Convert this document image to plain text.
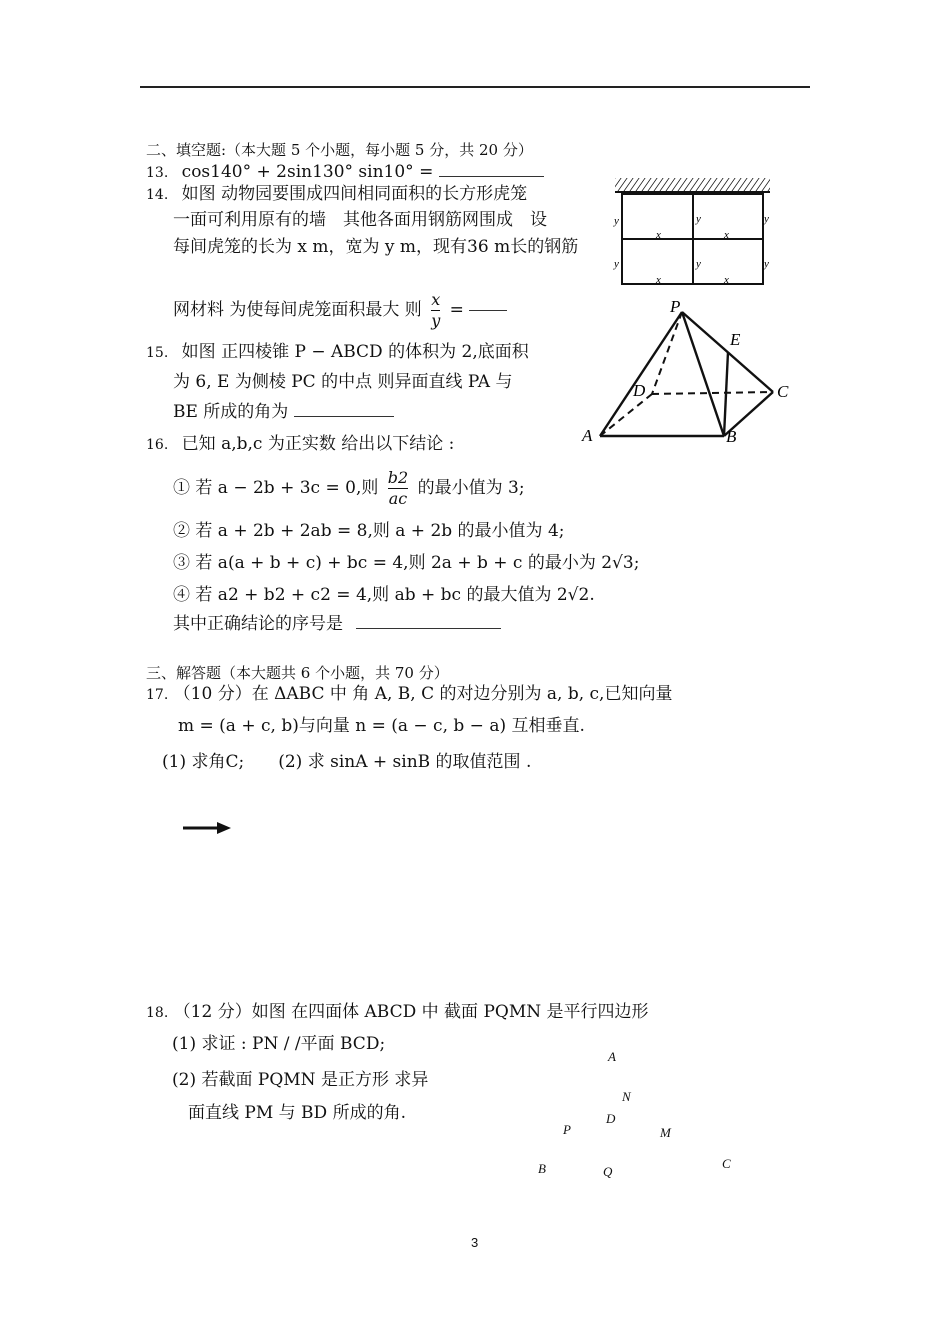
二、填空题:（本大题 5 个小题，每小题 5 分，共 20 分）
13. cos140° + 2sin130° sin10° =
14. 如图 动物园要围成四间相同面积的长方形虎笼
一面可利用原有的墙　其他各面用钢筋网围成　设
每间虎笼的长为 x m，宽为 y m，现有36 m长的钢筋
网材料 为使每间虎笼面积最大 则 $\frac{x}{y}$ =
y	y	y
x	x
y	y	y
x	x
15. 如图 正四棱锥 P − ABCD 的体积为 2,底面积
为 6, E 为侧棱 PC 的中点 则异面直线 PA 与
BE 所成的角为
P
E
D	C
A	B
16. 已知 a,b,c 为正实数 给出以下结论 :
① 若 a − 2b + 3c = 0,则 $\frac{b2}{ac}$ 的最小值为 3;
② 若 a + 2b + 2ab = 8,则 a + 2b 的最小值为 4;
③ 若 a(a + b + c) + bc = 4,则 2a + b + c 的最小为 2√3;
④ 若 a2 + b2 + c2 = 4,则 ab + bc 的最大值为 2√2.
其中正确结论的序号是
三、解答题（本大题共 6 个小题，共 70 分）
17. （10 分）在 ΔABC 中 角 A, B, C 的对边分别为 a, b, c,已知向量
m = (a + c, b)与向量 n = (a − c, b − a) 互相垂直.
(1) 求角C;　　(2) 求 sinA + sinB 的取值范围 .
18. （12 分）如图 在四面体 ABCD 中 截面 PQMN 是平行四边形
(1) 求证 : PN / /平面 BCD;
(2) 若截面 PQMN 是正方形 求异
面直线 PM 与 BD 所成的角.
A
N
D
P	M
B	Q
C
3
